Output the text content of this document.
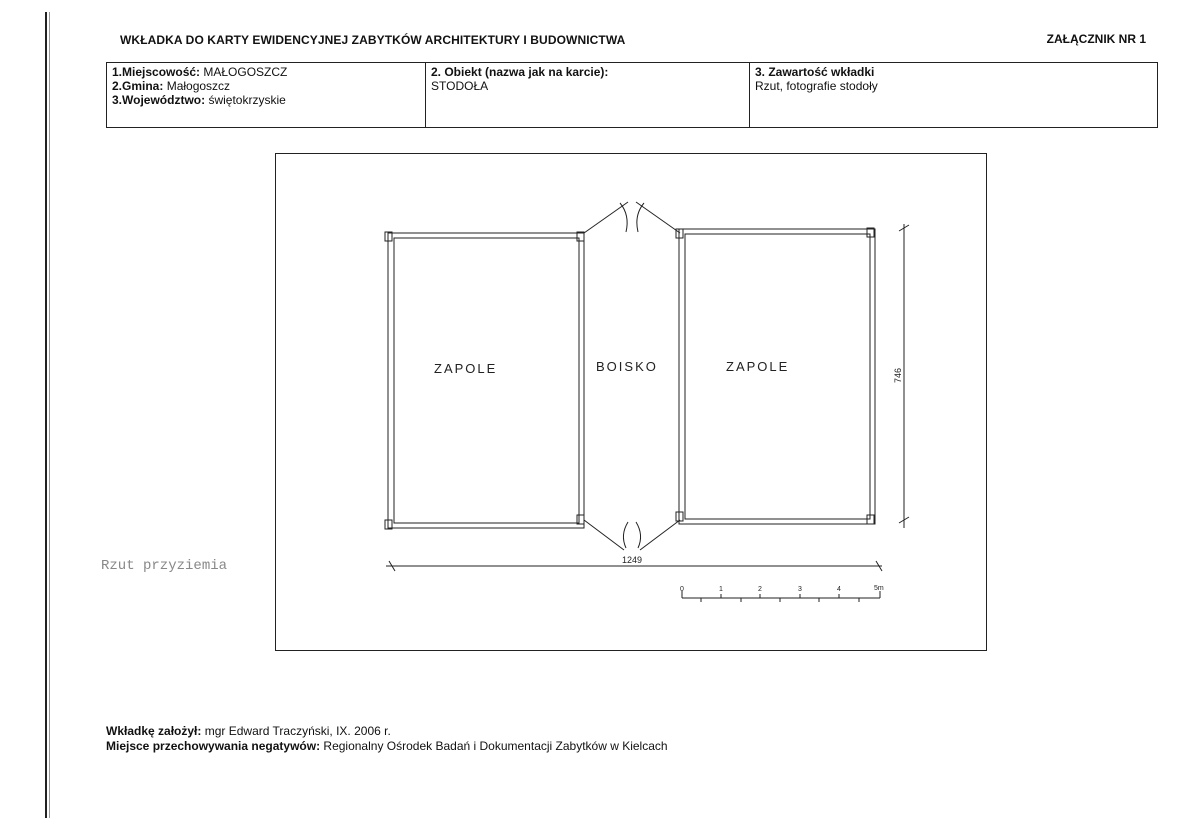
WKŁADKA DO KARTY EWIDENCYJNEJ ZABYTKÓW ARCHITEKTURY I BUDOWNICTWA	ZAŁĄCZNIK NR 1
1.Miejscowość: MAŁOGOSZCZ
2.Gmina: Małogoszcz
3.Województwo: świętokrzyskie

2. Obiekt (nazwa jak na karcie):
STODOŁA

3. Zawartość wkładki
Rzut, fotografie stodoły
ZAPOLE	BOISKO	ZAPOLE
1249
746
0	1	2	3	4	5m
Rzut przyziemia
Wkładkę założył: mgr Edward Traczyński, IX. 2006 r.
Miejsce przechowywania negatywów: Regionalny Ośrodek Badań i Dokumentacji Zabytków w Kielcach
